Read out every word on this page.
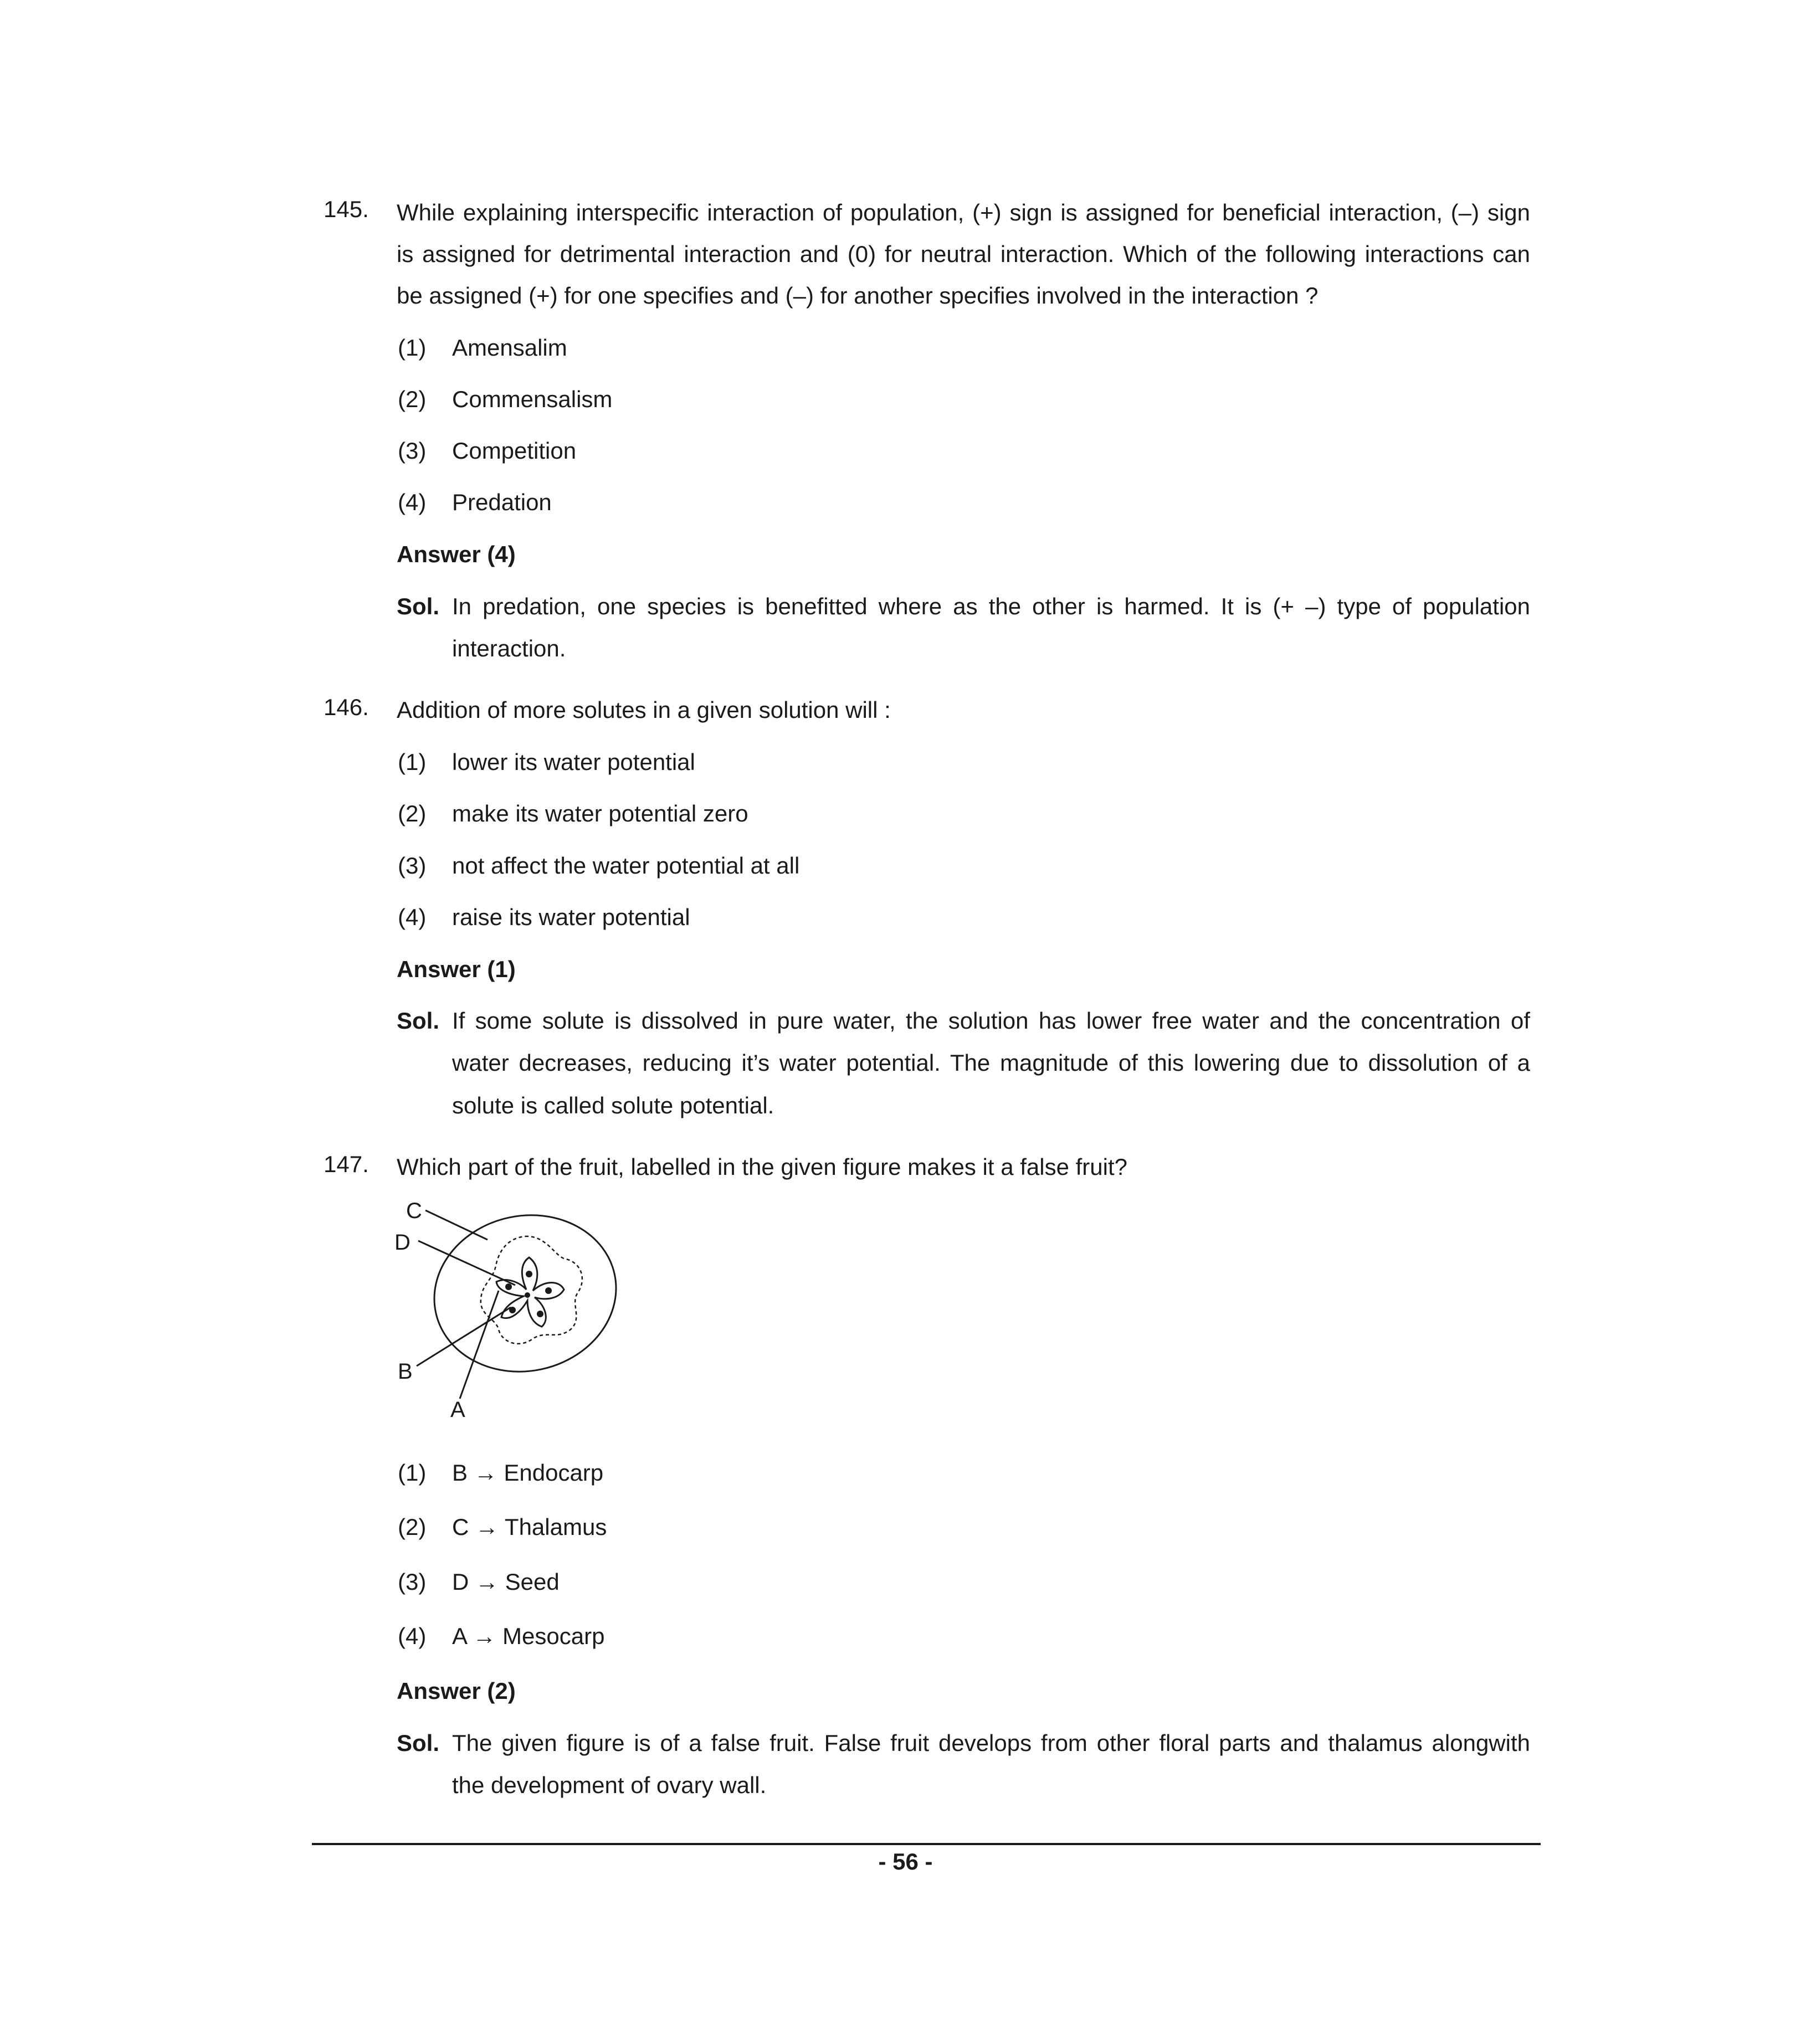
145. While explaining interspecific interaction of population, (+) sign is assigned for beneficial interaction, (–) sign
is assigned for detrimental interaction and (0) for neutral interaction. Which of the following interactions can
be assigned (+) for one specifies and (–) for another specifies involved in the interaction ?
(1) Amensalim
(2) Commensalism
(3) Competition
(4) Predation
Answer (4)
Sol. In predation, one species is benefitted where as the other is harmed. It is (+ –) type of population
interaction.
146. Addition of more solutes in a given solution will :
(1) lower its water potential
(2) make its water potential zero
(3) not affect the water potential at all
(4) raise its water potential
Answer (1)
Sol. If some solute is dissolved in pure water, the solution has lower free water and the concentration of
water decreases, reducing it’s water potential. The magnitude of this lowering due to dissolution of a
solute is called solute potential.
147. Which part of the fruit, labelled in the given figure makes it a false fruit?
C
D
B
A
(1) B → Endocarp
(2) C → Thalamus
(3) D → Seed
(4) A → Mesocarp
Answer (2)
Sol. The given figure is of a false fruit. False fruit develops from other floral parts and thalamus alongwith
the development of ovary wall.
- 56 -
